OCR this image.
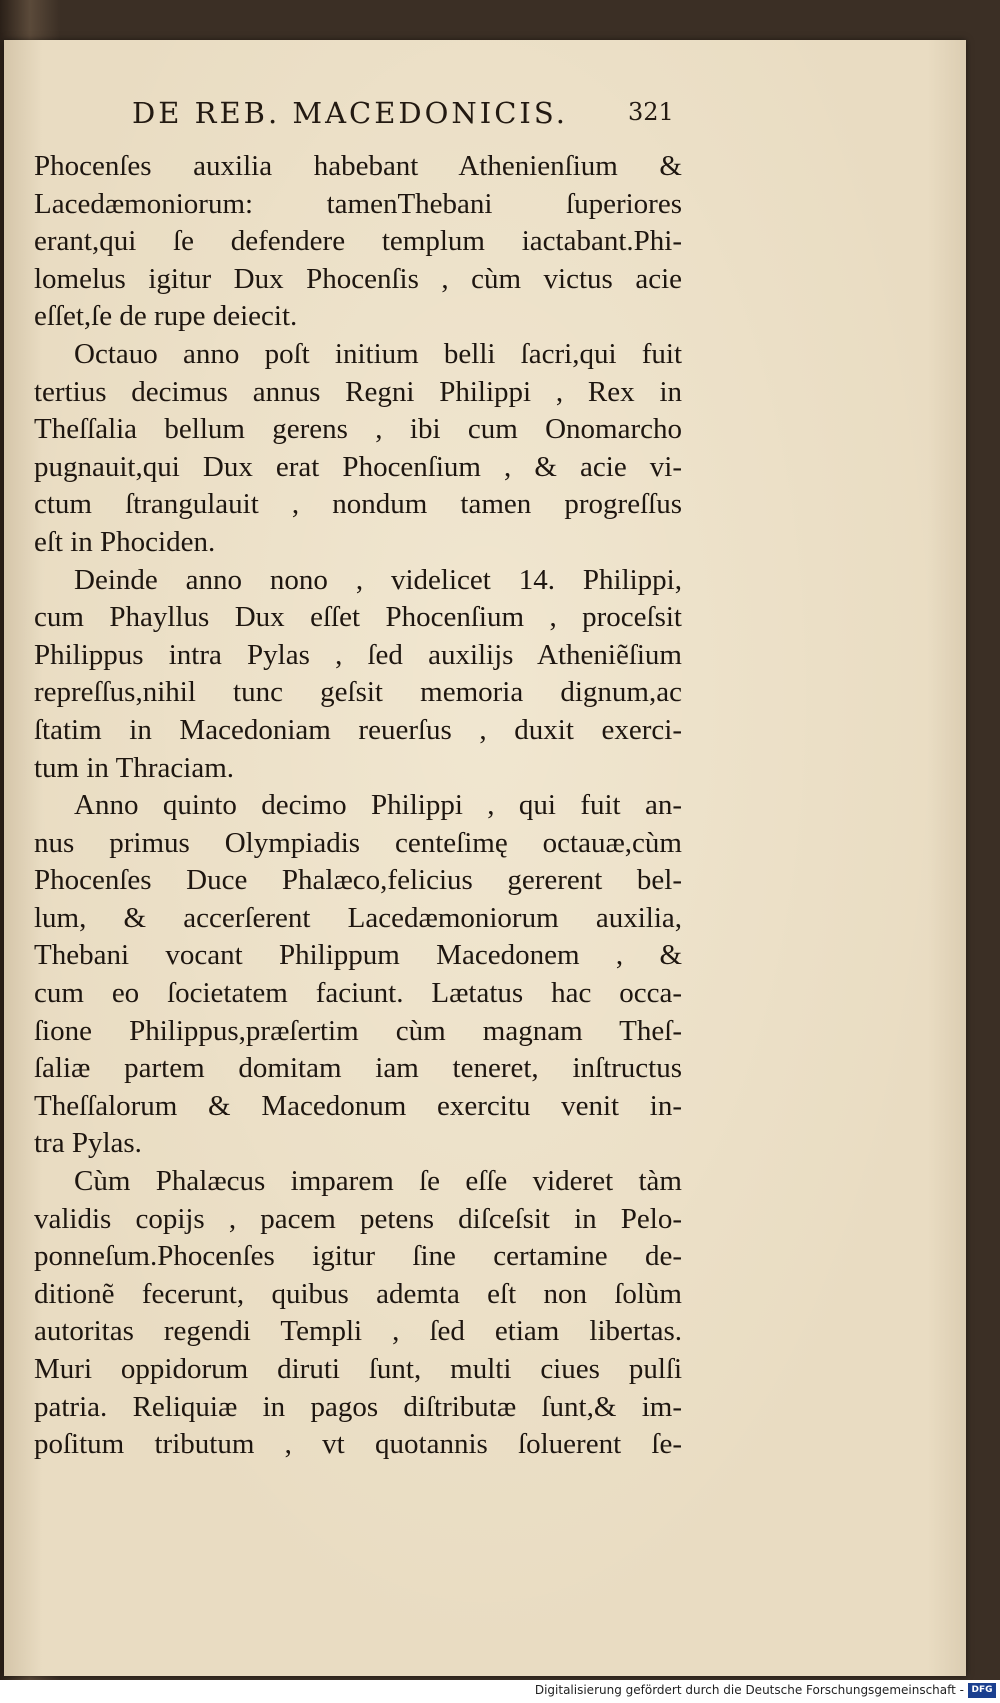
DE REB. MACEDONICIS.	321
Phocenſes auxilia habebant Athenienſium &
Lacedæmoniorum: tamenThebani ſuperiores
erant,qui ſe defendere templum iactabant.Phi-
lomelus igitur Dux Phocenſis , cùm victus acie
eſſet,ſe de rupe deiecit.
Octauo anno poſt initium belli ſacri,qui fuit
tertius decimus annus Regni Philippi , Rex in
Theſſalia bellum gerens , ibi cum Onomarcho
pugnauit,qui Dux erat Phocenſium , & acie vi-
ctum ſtrangulauit , nondum tamen progreſſus
eſt in Phociden.
Deinde anno nono , videlicet 14. Philippi,
cum Phayllus Dux eſſet Phocenſium , proceſsit
Philippus intra Pylas , ſed auxilijs Atheniẽſium
repreſſus,nihil tunc geſsit memoria dignum,ac
ſtatim in Macedoniam reuerſus , duxit exerci-
tum in Thraciam.
Anno quinto decimo Philippi , qui fuit an-
nus primus Olympiadis centeſimę octauæ,cùm
Phocenſes Duce Phalæco,felicius gererent bel-
lum, & accerſerent Lacedæmoniorum auxilia,
Thebani vocant Philippum Macedonem , &
cum eo ſocietatem faciunt. Lætatus hac occa-
ſione Philippus,præſertim cùm magnam Theſ-
ſaliæ partem domitam iam teneret, inſtructus
Theſſalorum & Macedonum exercitu venit in-
tra Pylas.
Cùm Phalæcus imparem ſe eſſe videret tàm
validis copijs , pacem petens diſceſsit in Pelo-
ponneſum.Phocenſes igitur ſine certamine de-
ditionẽ fecerunt, quibus ademta eſt non ſolùm
autoritas regendi Templi , ſed etiam libertas.
Muri oppidorum diruti ſunt, multi ciues pulſi
patria. Reliquiæ in pagos diſtributæ ſunt,& im-
poſitum tributum , vt quotannis ſoluerent ſe-
Digitalisierung gefördert durch die Deutsche Forschungsgemeinschaft - DFG
